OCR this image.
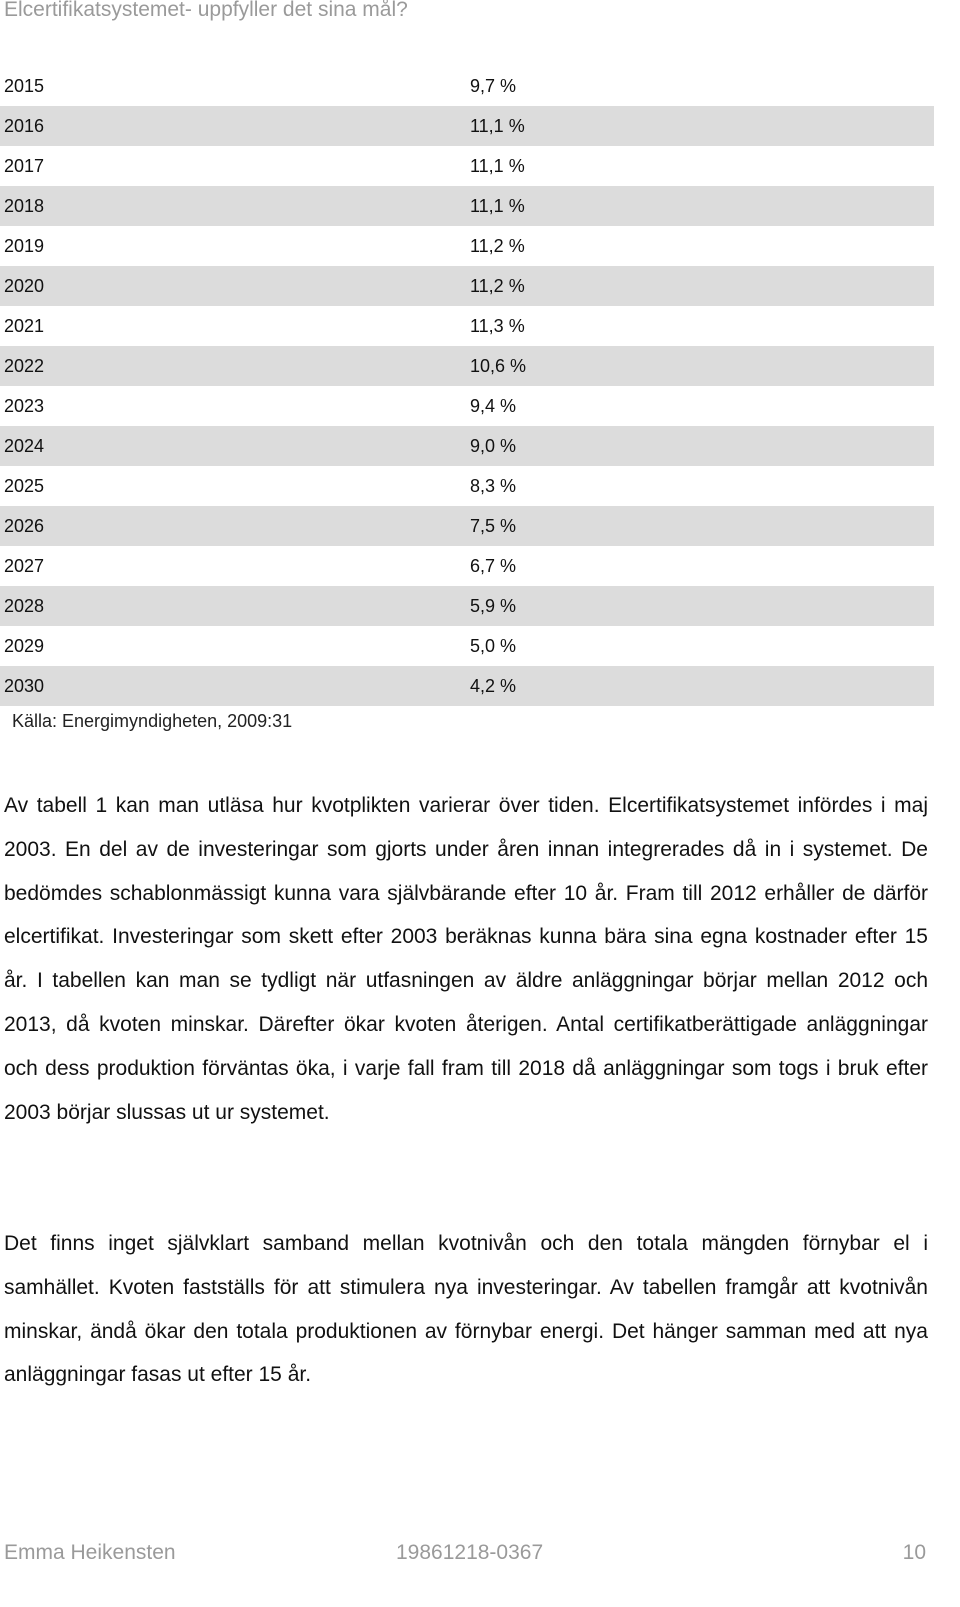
Elcertifikatsystemet- uppfyller det sina mål?
2015	9,7 %
2016	11,1 %
2017	11,1 %
2018	11,1 %
2019	11,2 %
2020	11,2 %
2021	11,3 %
2022	10,6 %
2023	9,4 %
2024	9,0 %
2025	8,3 %
2026	7,5 %
2027	6,7 %
2028	5,9 %
2029	5,0 %
2030	4,2 %
Källa: Energimyndigheten, 2009:31

Av tabell 1 kan man utläsa hur kvotplikten varierar över tiden. Elcertifikatsystemet infördes i maj 2003. En del av de investeringar som gjorts under åren innan integrerades då in i systemet. De bedömdes schablonmässigt kunna vara självbärande efter 10 år. Fram till 2012 erhåller de därför elcertifikat. Investeringar som skett efter 2003 beräknas kunna bära sina egna kostnader efter 15 år. I tabellen kan man se tydligt när utfasningen av äldre anläggningar börjar mellan 2012 och 2013, då kvoten minskar. Därefter ökar kvoten återigen. Antal certifikatberättigade anläggningar och dess produktion förväntas öka, i varje fall fram till 2018 då anläggningar som togs i bruk efter 2003 börjar slussas ut ur systemet.

Det finns inget självklart samband mellan kvotnivån och den totala mängden förnybar el i samhället. Kvoten fastställs för att stimulera nya investeringar. Av tabellen framgår att kvotnivån minskar, ändå ökar den totala produktionen av förnybar energi. Det hänger samman med att nya anläggningar fasas ut efter 15 år.

Emma Heikensten	19861218-0367	10
